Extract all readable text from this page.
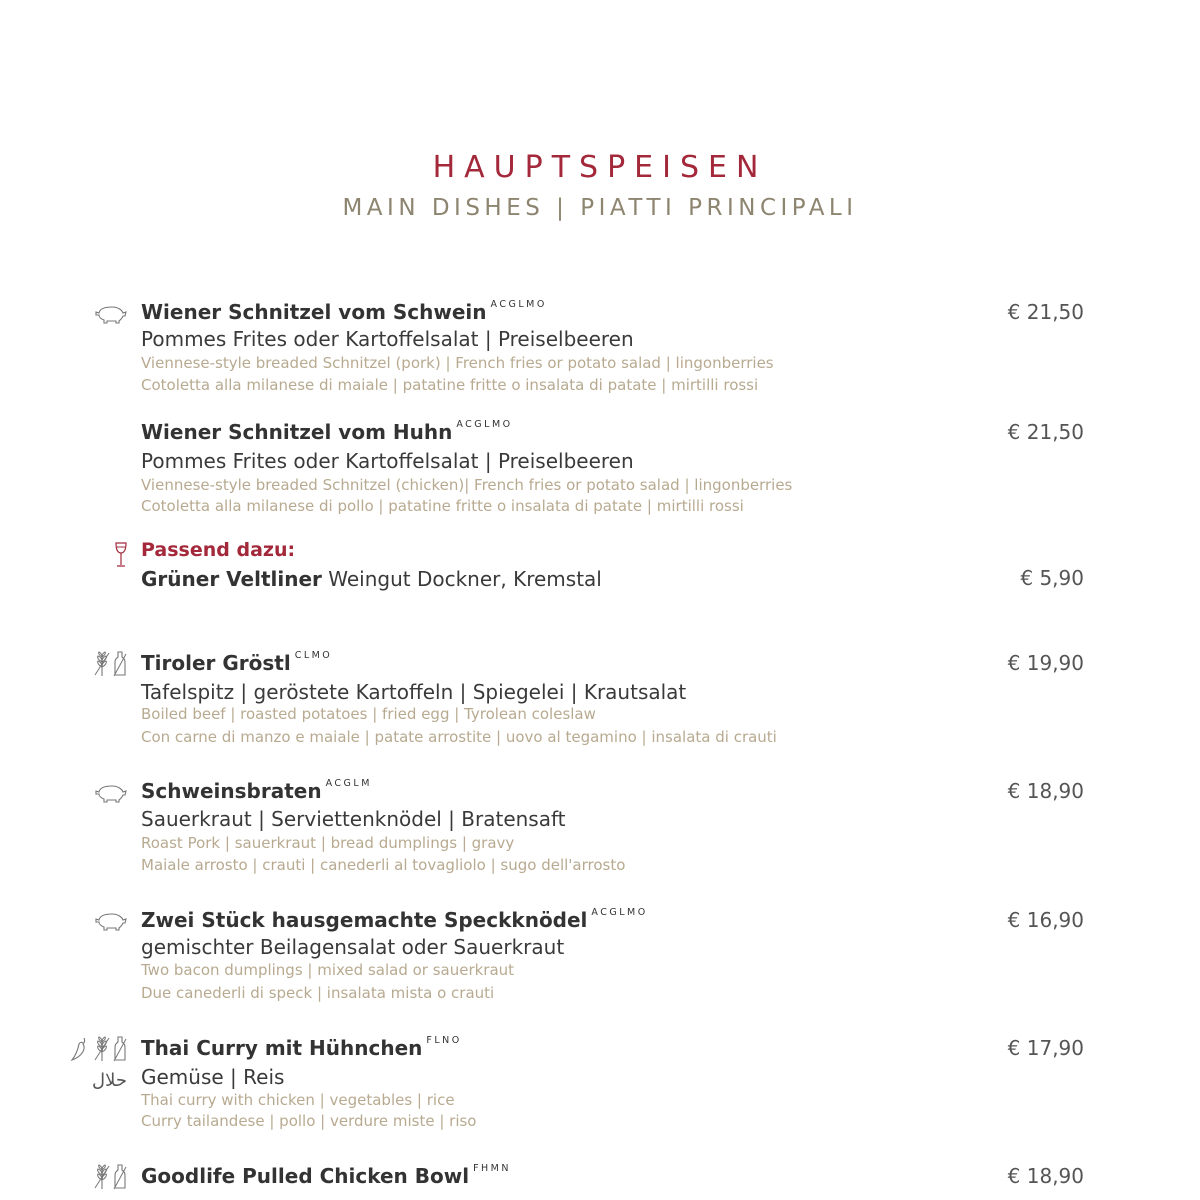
HAUPTSPEISEN
MAIN DISHES | PIATTI PRINCIPALI
Wiener Schnitzel vom Schwein $^{ACGLMO}$	€ 21,50
Pommes Frites oder Kartoffelsalat | Preiselbeeren
Viennese-style breaded Schnitzel (pork) | French fries or potato salad | lingonberries
Cotoletta alla milanese di maiale | patatine fritte o insalata di patate | mirtilli rossi
Wiener Schnitzel vom Huhn $^{ACGLMO}$	€ 21,50
Pommes Frites oder Kartoffelsalat | Preiselbeeren
Viennese-style breaded Schnitzel (chicken)| French fries or potato salad | lingonberries
Cotoletta alla milanese di pollo | patatine fritte o insalata di patate | mirtilli rossi
Passend dazu:
Grüner Veltliner Weingut Dockner, Kremstal	€ 5,90
Tiroler Gröstl $^{CLMO}$	€ 19,90
Tafelspitz | geröstete Kartoffeln | Spiegelei | Krautsalat
Boiled beef | roasted potatoes | fried egg | Tyrolean coleslaw
Con carne di manzo e maiale | patate arrostite | uovo al tegamino | insalata di crauti
Schweinsbraten $^{ACGLM}$	€ 18,90
Sauerkraut | Serviettenknödel | Bratensaft
Roast Pork | sauerkraut | bread dumplings | gravy
Maiale arrosto | crauti | canederli al tovagliolo | sugo dell'arrosto
Zwei Stück hausgemachte Speckknödel $^{ACGLMO}$	€ 16,90
gemischter Beilagensalat oder Sauerkraut
Two bacon dumplings | mixed salad or sauerkraut
Due canederli di speck | insalata mista o crauti
حلال
Thai Curry mit Hühnchen $^{FLNO}$	€ 17,90
Gemüse | Reis
Thai curry with chicken | vegetables | rice
Curry tailandese | pollo | verdure miste | riso
Goodlife Pulled Chicken Bowl $^{FHMN}$	€ 18,90
